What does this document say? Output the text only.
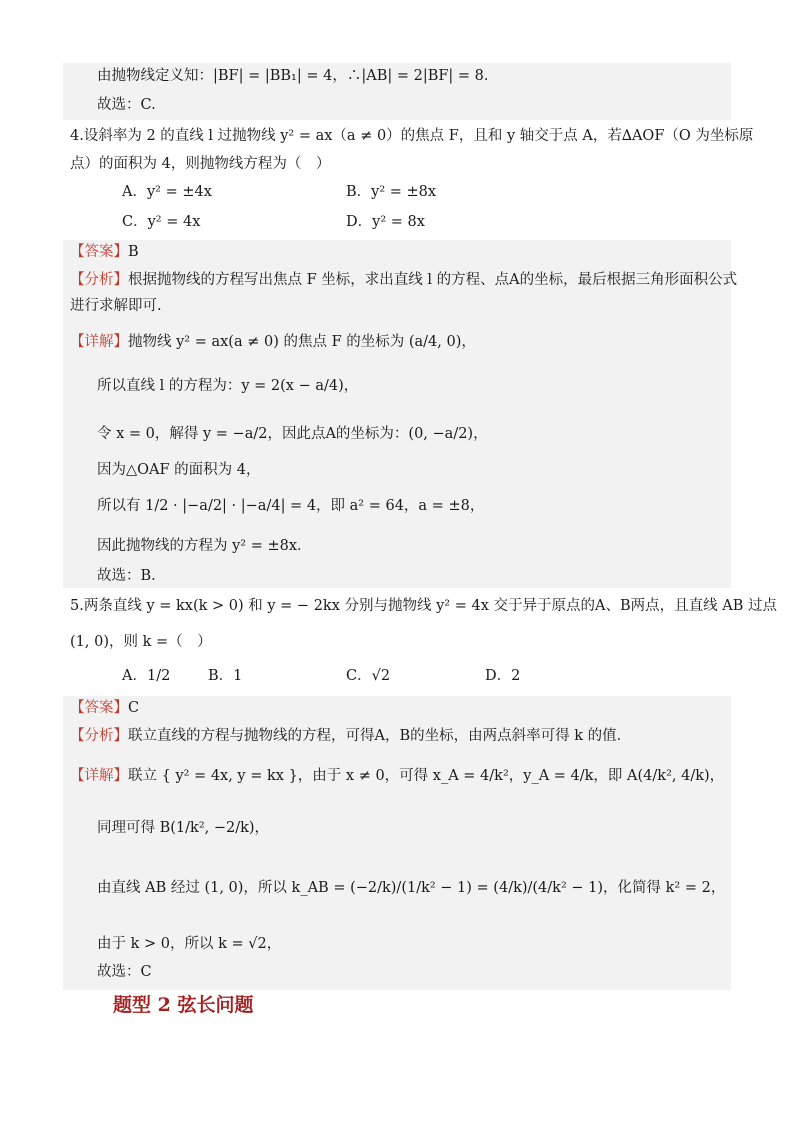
由抛物线定义知：|BF| = |BB₁| = 4，∴|AB| = 2|BF| = 8．
故选：C.
4.设斜率为 2 的直线 l 过抛物线 y² = ax（a ≠ 0）的焦点 F，且和 y 轴交于点 A，若∆AOF（O 为坐标原
点）的面积为 4，则抛物线方程为（　）
A．y² = ±4x	B．y² = ±8x
C．y² = 4x	D．y² = 8x
【答案】B
【分析】根据抛物线的方程写出焦点 F 坐标，求出直线 l 的方程、点A的坐标，最后根据三角形面积公式
进行求解即可.
【详解】抛物线 y² = ax(a ≠ 0) 的焦点 F 的坐标为 (a/4, 0)，
所以直线 l 的方程为：y = 2(x − a/4)，
令 x = 0，解得 y = −a/2，因此点A的坐标为：(0, −a/2)，
因为△OAF 的面积为 4，
所以有 1/2 · |−a/2| · |−a/4| = 4，即 a² = 64，a = ±8，
因此抛物线的方程为 y² = ±8x．
故选：B.
5.两条直线 y = kx(k > 0) 和 y = − 2kx 分别与抛物线 y² = 4x 交于异于原点的A、B两点，且直线 AB 过点
(1, 0)，则 k =（　）
A．1/2	B．1	C．√2	D．2
【答案】C
【分析】联立直线的方程与抛物线的方程，可得A，B的坐标，由两点斜率可得 k 的值．
【详解】联立 { y² = 4x, y = kx }，由于 x ≠ 0，可得 x_A = 4/k²，y_A = 4/k，即 A(4/k², 4/k)，
同理可得 B(1/k², −2/k)，
由直线 AB 经过 (1, 0)，所以 k_AB = (−2/k)/(1/k² − 1) = (4/k)/(4/k² − 1)，化简得 k² = 2，
由于 k > 0，所以 k = √2，
故选：C
题型 2 弦长问题
